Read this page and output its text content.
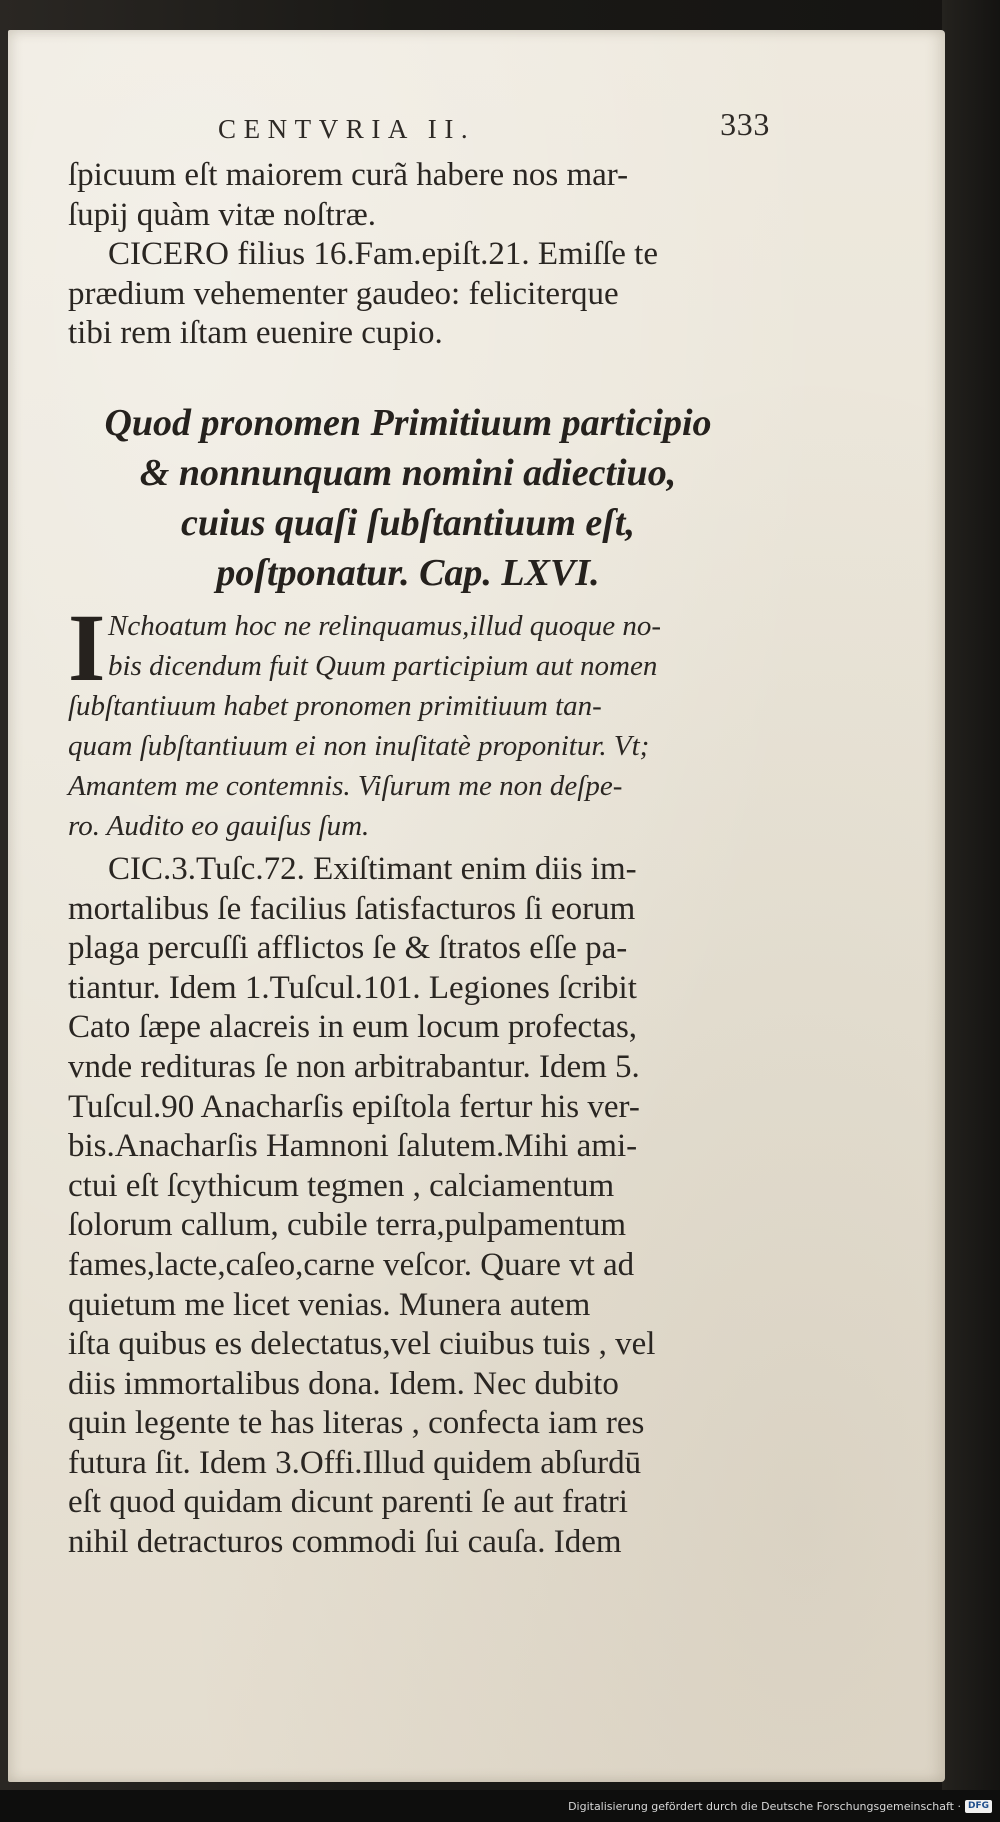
CENTVRIA II.	333
ſpicuum eſt maiorem curã habere nos mar-
ſupij quàm vitæ noſtræ.
CICERO filius 16.Fam.epiſt.21. Emiſſe te
prædium vehementer gaudeo: feliciterque
tibi rem iſtam euenire cupio.
Quod pronomen Primitiuum participio
& nonnunquam nomini adiectiuo,
cuius quaſi ſubſtantiuum eſt,
poſtponatur. Cap. LXVI.
I Nchoatum hoc ne relinquamus,illud quoque no-
bis dicendum fuit Quum participium aut nomen
ſubſtantiuum habet pronomen primitiuum tan-
quam ſubſtantiuum ei non inuſitatè proponitur. Vt;
Amantem me contemnis. Viſurum me non deſpe-
ro. Audito eo gauiſus ſum.
CIC.3.Tuſc.72. Exiſtimant enim diis im-
mortalibus ſe facilius ſatisfacturos ſi eorum
plaga percuſſi afflictos ſe & ſtratos eſſe pa-
tiantur. Idem 1.Tuſcul.101. Legiones ſcribit
Cato ſæpe alacreis in eum locum profectas,
vnde redituras ſe non arbitrabantur. Idem 5.
Tuſcul.90 Anacharſis epiſtola fertur his ver-
bis.Anacharſis Hamnoni ſalutem.Mihi ami-
ctui eſt ſcythicum tegmen , calciamentum
ſolorum callum, cubile terra,pulpamentum
fames,lacte,caſeo,carne veſcor. Quare vt ad
quietum me licet venias. Munera autem
iſta quibus es delectatus,vel ciuibus tuis , vel
diis immortalibus dona. Idem. Nec dubito
quin legente te has literas , confecta iam res
futura ſit. Idem 3.Offi.Illud quidem abſurdū
eſt quod quidam dicunt parenti ſe aut fratri
nihil detracturos commodi ſui cauſa. Idem
Digitalisierung gefördert durch die Deutsche Forschungsgemeinschaft · DFG
